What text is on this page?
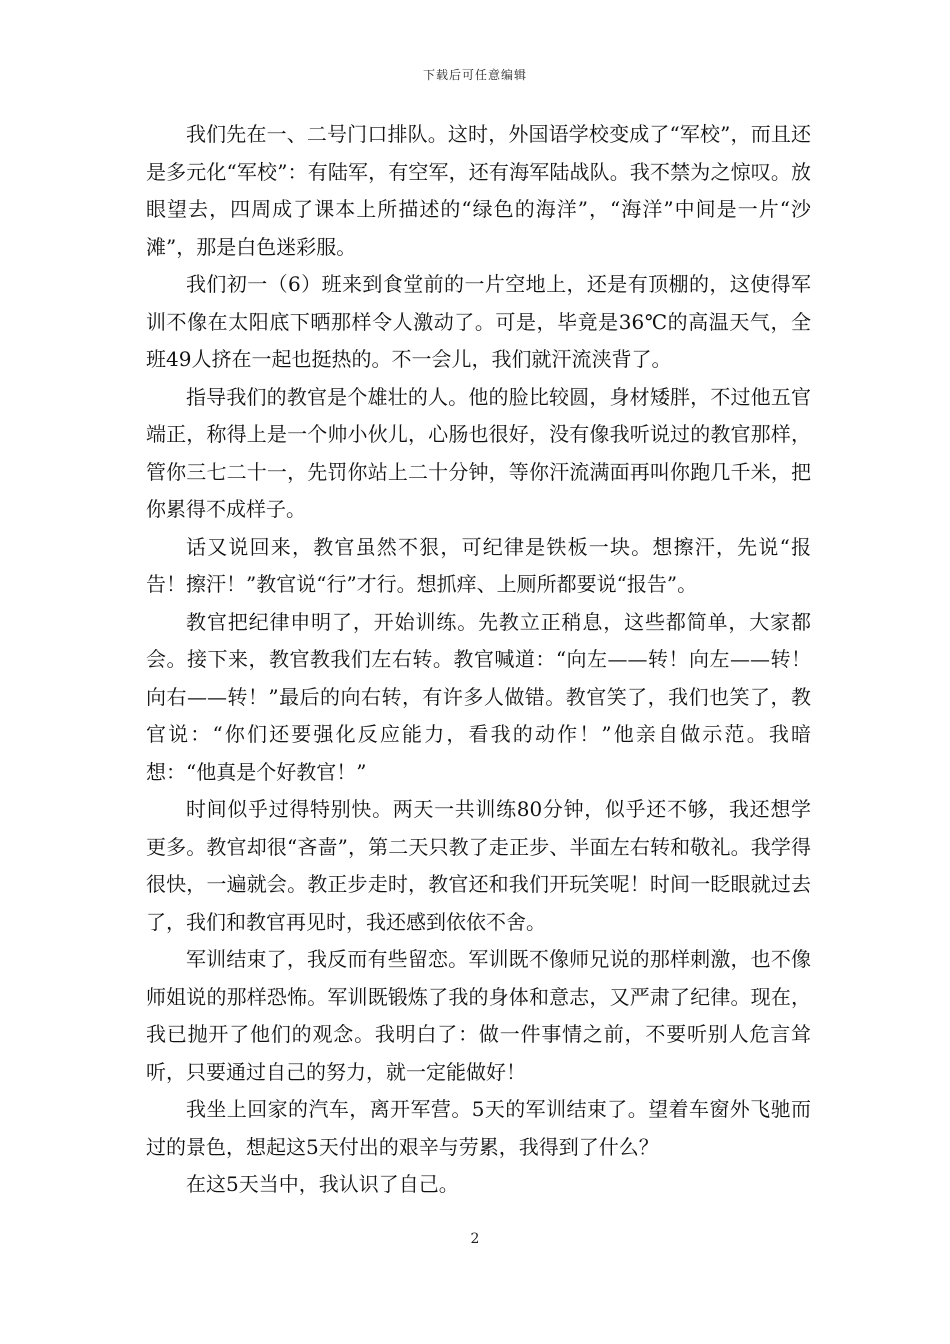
下载后可任意编辑

我们先在一、二号门口排队。这时，外国语学校变成了“军校”，而且还是多元化“军校”：有陆军，有空军，还有海军陆战队。我不禁为之惊叹。放眼望去，四周成了课本上所描述的“绿色的海洋”，“海洋”中间是一片“沙滩”，那是白色迷彩服。

我们初一（6）班来到食堂前的一片空地上，还是有顶棚的，这使得军训不像在太阳底下晒那样令人激动了。可是，毕竟是36℃的高温天气，全班49人挤在一起也挺热的。不一会儿，我们就汗流浃背了。

指导我们的教官是个雄壮的人。他的脸比较圆，身材矮胖，不过他五官端正，称得上是一个帅小伙儿，心肠也很好，没有像我听说过的教官那样，管你三七二十一，先罚你站上二十分钟，等你汗流满面再叫你跑几千米，把你累得不成样子。

话又说回来，教官虽然不狠，可纪律是铁板一块。想擦汗，先说“报告！擦汗！”教官说“行”才行。想抓痒、上厕所都要说“报告”。

教官把纪律申明了，开始训练。先教立正稍息，这些都简单，大家都会。接下来，教官教我们左右转。教官喊道：“向左——转！向左——转！向右——转！”最后的向右转，有许多人做错。教官笑了，我们也笑了，教官说：“你们还要强化反应能力，看我的动作！”他亲自做示范。我暗想：“他真是个好教官！”

时间似乎过得特别快。两天一共训练80分钟，似乎还不够，我还想学更多。教官却很“吝啬”，第二天只教了走正步、半面左右转和敬礼。我学得很快，一遍就会。教正步走时，教官还和我们开玩笑呢！时间一眨眼就过去了，我们和教官再见时，我还感到依依不舍。

军训结束了，我反而有些留恋。军训既不像师兄说的那样刺激，也不像师姐说的那样恐怖。军训既锻炼了我的身体和意志，又严肃了纪律。现在，我已抛开了他们的观念。我明白了：做一件事情之前，不要听别人危言耸听，只要通过自己的努力，就一定能做好！

我坐上回家的汽车，离开军营。5天的军训结束了。望着车窗外飞驰而过的景色，想起这5天付出的艰辛与劳累，我得到了什么？

在这5天当中，我认识了自己。

2
